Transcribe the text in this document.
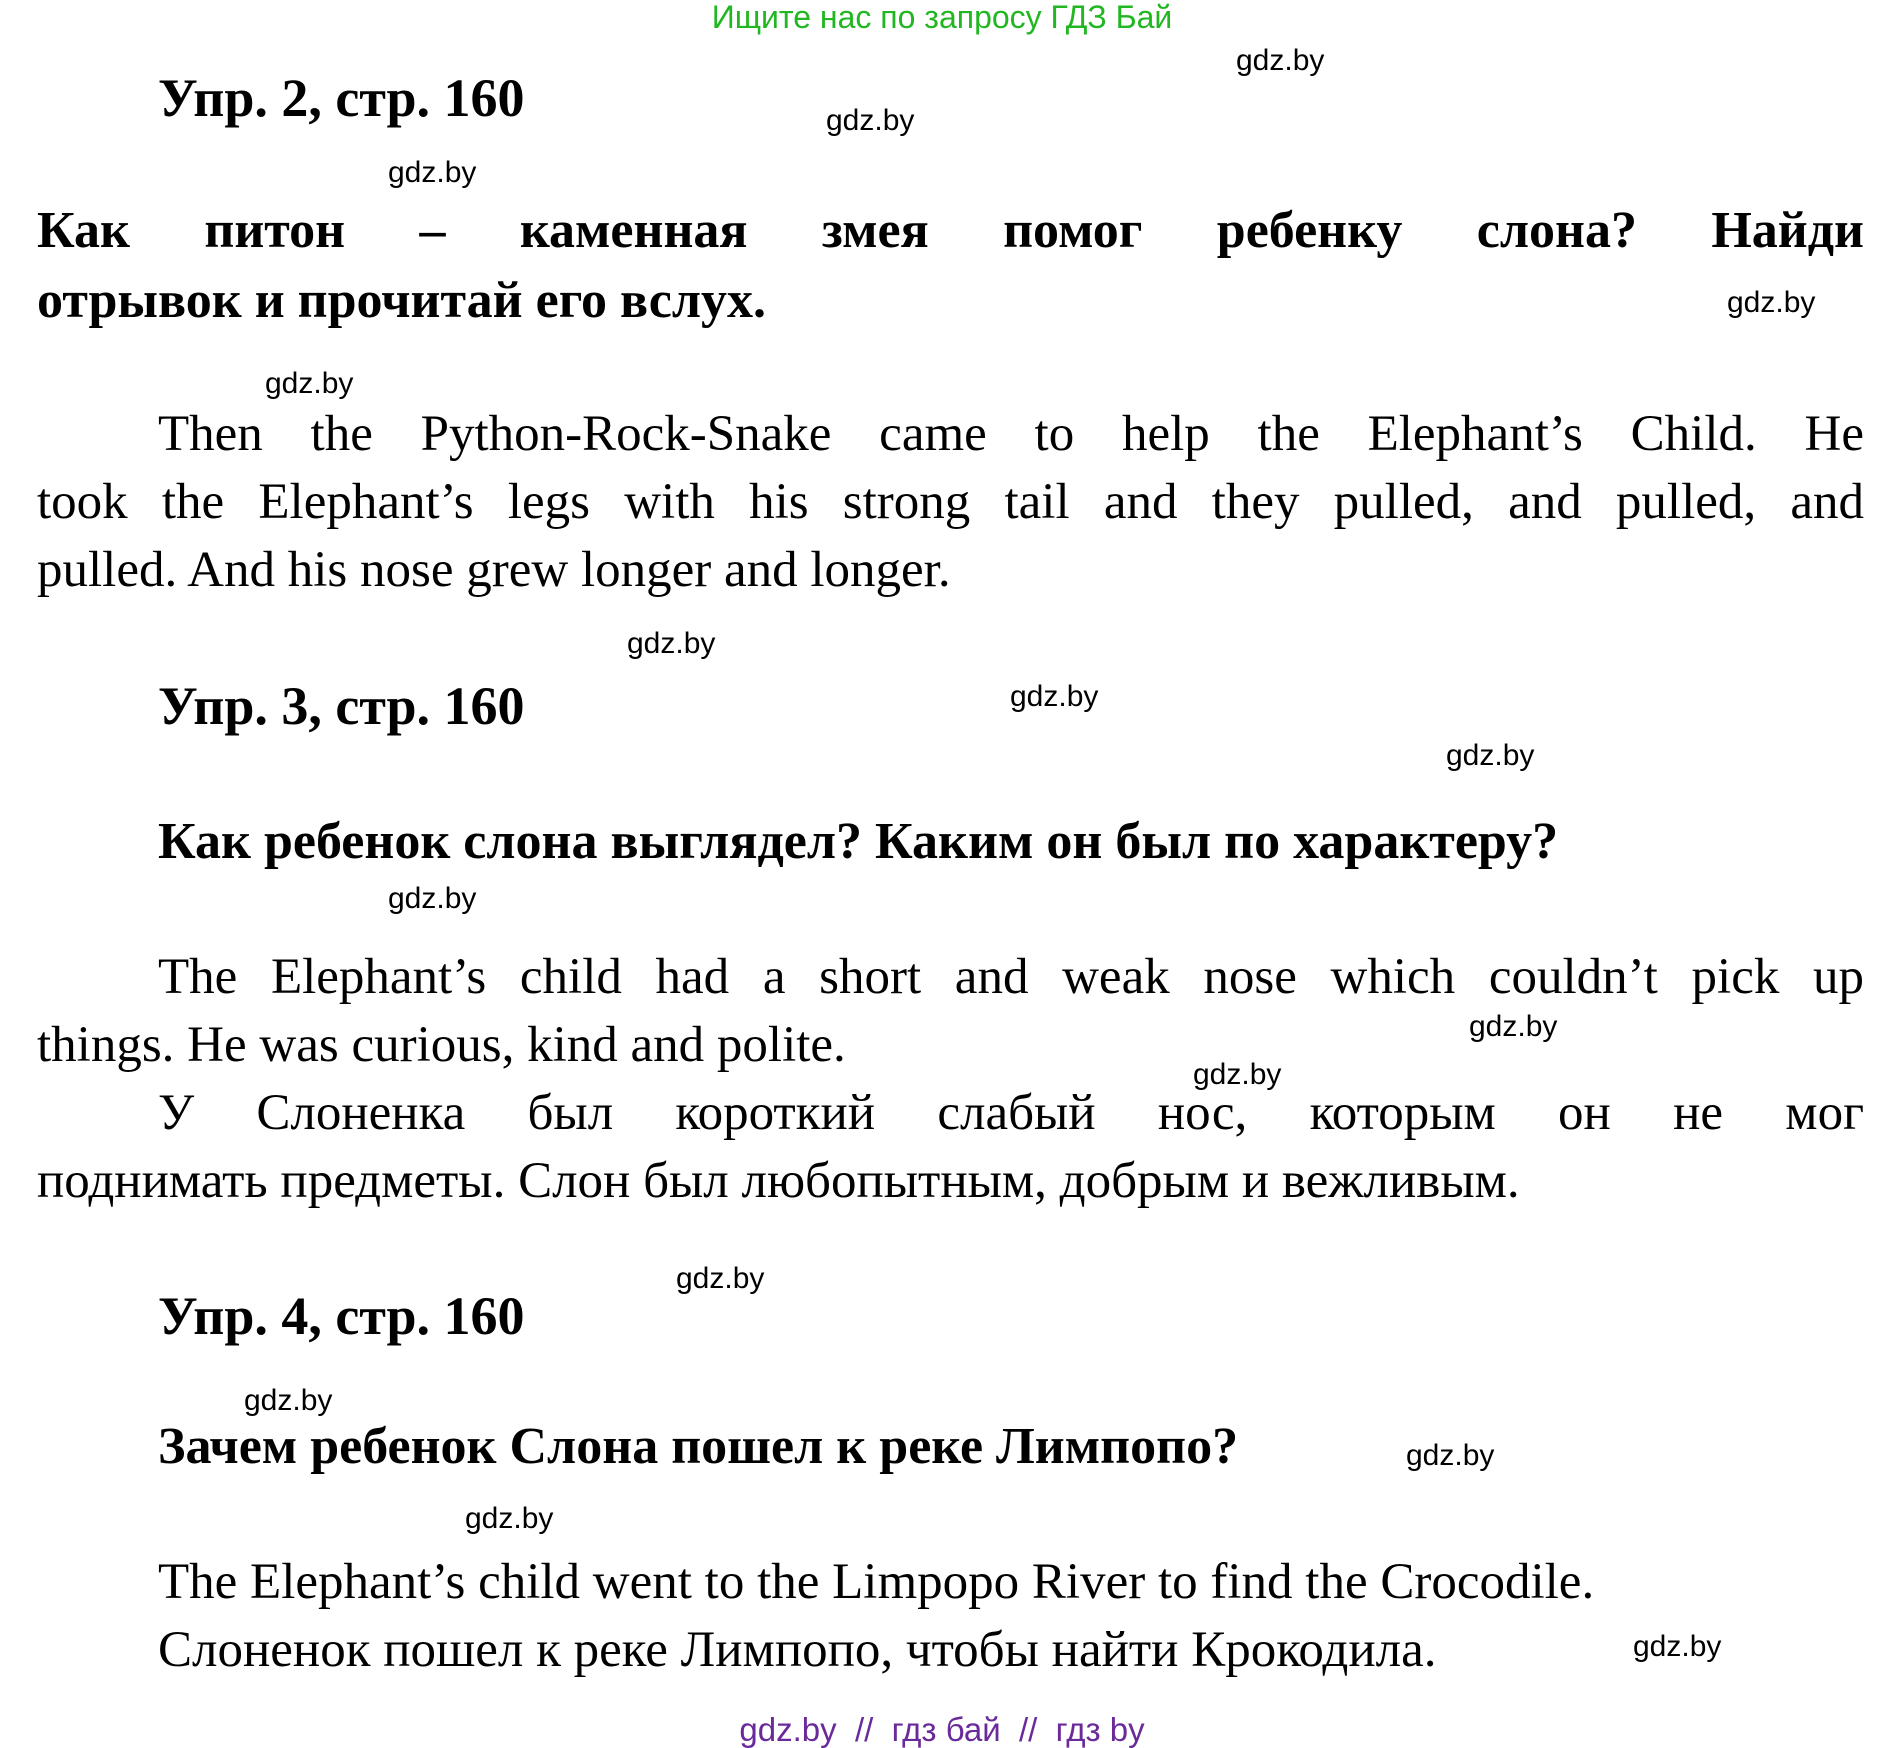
Ищите нас по запросу ГДЗ Бай
Упр. 2, стр. 160
Как питон – каменная змея помог ребенку слона? Найди
отрывок и прочитай его вслух.
Then the Python-Rock-Snake came to help the Elephant’s Child. He
took the Elephant’s legs with his strong tail and they pulled, and pulled, and
pulled. And his nose grew longer and longer.
Упр. 3, стр. 160

Как ребенок слона выглядел? Каким он был по характеру?

The Elephant’s child had a short and weak nose which couldn’t pick up
things. He was curious, kind and polite.
У Слоненка был короткий слабый нос, которым он не мог
поднимать предметы. Слон был любопытным, добрым и вежливым.
Упр. 4, стр. 160

Зачем ребенок Слона пошел к реке Лимпопо?

The Elephant’s child went to the Limpopo River to find the Crocodile.

Слоненок пошел к реке Лимпопо, чтобы найти Крокодила.

gdz.by
gdz.by
gdz.by
gdz.by
gdz.by
gdz.by
gdz.by
gdz.by
gdz.by
gdz.by
gdz.by
gdz.by
gdz.by
gdz.by
gdz.by
gdz.by
gdz.by  //  гдз бай  //  гдз by
